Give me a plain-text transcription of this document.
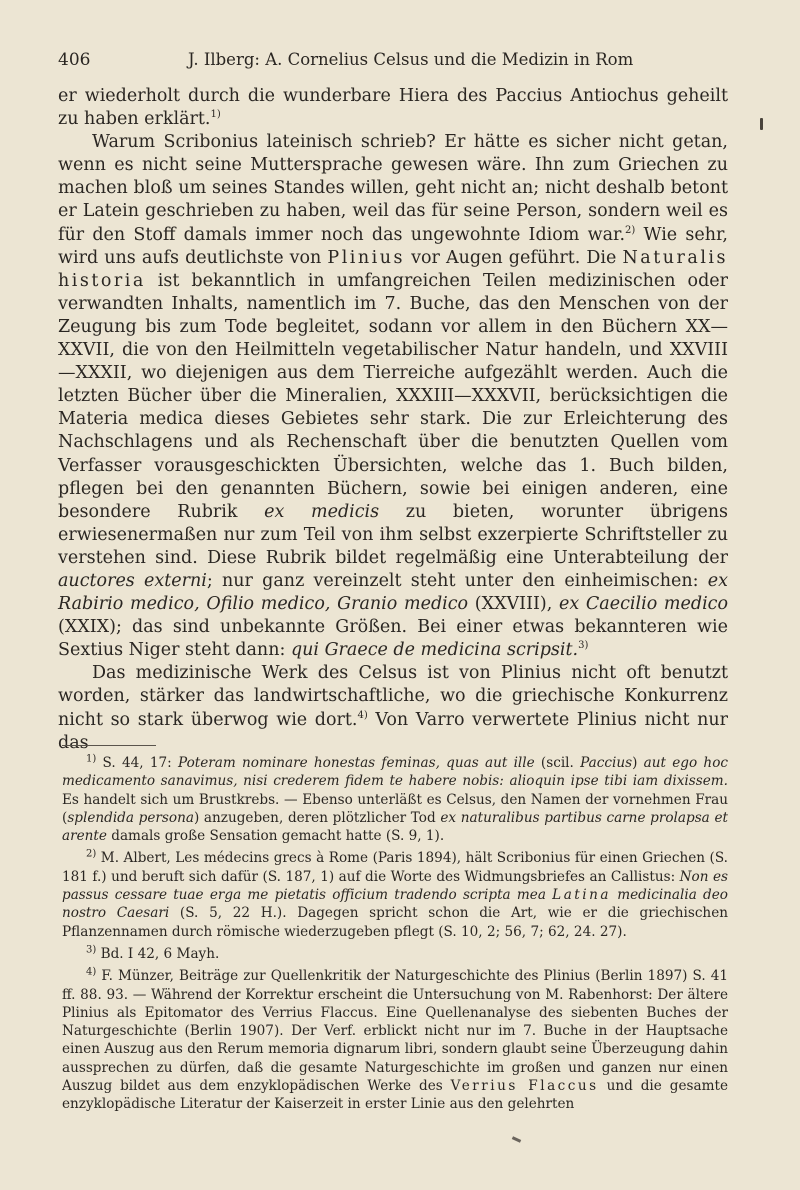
406	J. Ilberg: A. Cornelius Celsus und die Medizin in Rom

er wiederholt durch die wunderbare Hiera des Paccius Antiochus geheilt zu haben erklärt.$^{1)}$

Warum Scribonius lateinisch schrieb? Er hätte es sicher nicht getan, wenn es nicht seine Muttersprache gewesen wäre. Ihn zum Griechen zu machen bloß um seines Standes willen, geht nicht an; nicht deshalb betont er Latein geschrieben zu haben, weil das für seine Person, sondern weil es für den Stoff damals immer noch das ungewohnte Idiom war.$^{2)}$ Wie sehr, wird uns aufs deutlichste von Plinius vor Augen geführt. Die Naturalis historia ist bekanntlich in umfangreichen Teilen medizinischen oder verwandten Inhalts, namentlich im 7. Buche, das den Menschen von der Zeugung bis zum Tode begleitet, sodann vor allem in den Büchern XX—XXVII, die von den Heilmitteln vegetabilischer Natur handeln, und XXVIII—XXXII, wo diejenigen aus dem Tierreiche aufgezählt werden. Auch die letzten Bücher über die Mineralien, XXXIII—XXXVII, berücksichtigen die Materia medica dieses Gebietes sehr stark. Die zur Erleichterung des Nachschlagens und als Rechenschaft über die benutzten Quellen vom Verfasser vorausgeschickten Übersichten, welche das 1. Buch bilden, pflegen bei den genannten Büchern, sowie bei einigen anderen, eine besondere Rubrik ex medicis zu bieten, worunter übrigens erwiesenermaßen nur zum Teil von ihm selbst exzerpierte Schriftsteller zu verstehen sind. Diese Rubrik bildet regelmäßig eine Unterabteilung der auctores externi; nur ganz vereinzelt steht unter den einheimischen: ex Rabirio medico, Ofilio medico, Granio medico (XXVIII), ex Caecilio medico (XXIX); das sind unbekannte Größen. Bei einer etwas bekannteren wie Sextius Niger steht dann: qui Graece de medicina scripsit.$^{3)}$

Das medizinische Werk des Celsus ist von Plinius nicht oft benutzt worden, stärker das landwirtschaftliche, wo die griechische Konkurrenz nicht so stark überwog wie dort.$^{4)}$ Von Varro verwertete Plinius nicht nur das

$^{1)}$ S. 44, 17: Poteram nominare honestas feminas, quas aut ille (scil. Paccius) aut ego hoc medicamento sanavimus, nisi crederem fidem te habere nobis: alioquin ipse tibi iam dixissem. Es handelt sich um Brustkrebs. — Ebenso unterläßt es Celsus, den Namen der vornehmen Frau (splendida persona) anzugeben, deren plötzlicher Tod ex naturalibus partibus carne prolapsa et arente damals große Sensation gemacht hatte (S. 9, 1).

$^{2)}$ M. Albert, Les médecins grecs à Rome (Paris 1894), hält Scribonius für einen Griechen (S. 181 f.) und beruft sich dafür (S. 187, 1) auf die Worte des Widmungsbriefes an Callistus: Non es passus cessare tuae erga me pietatis officium tradendo scripta mea Latina medicinalia deo nostro Caesari (S. 5, 22 H.). Dagegen spricht schon die Art, wie er die griechischen Pflanzennamen durch römische wiederzugeben pflegt (S. 10, 2; 56, 7; 62, 24. 27).

$^{3)}$ Bd. I 42, 6 Mayh.

$^{4)}$ F. Münzer, Beiträge zur Quellenkritik der Naturgeschichte des Plinius (Berlin 1897) S. 41 ff. 88. 93. — Während der Korrektur erscheint die Untersuchung von M. Rabenhorst: Der ältere Plinius als Epitomator des Verrius Flaccus. Eine Quellenanalyse des siebenten Buches der Naturgeschichte (Berlin 1907). Der Verf. erblickt nicht nur im 7. Buche in der Hauptsache einen Auszug aus den Rerum memoria dignarum libri, sondern glaubt seine Überzeugung dahin aussprechen zu dürfen, daß die gesamte Naturgeschichte im großen und ganzen nur einen Auszug bildet aus dem enzyklopädischen Werke des Verrius Flaccus und die gesamte enzyklopädische Literatur der Kaiserzeit in erster Linie aus den gelehrten
